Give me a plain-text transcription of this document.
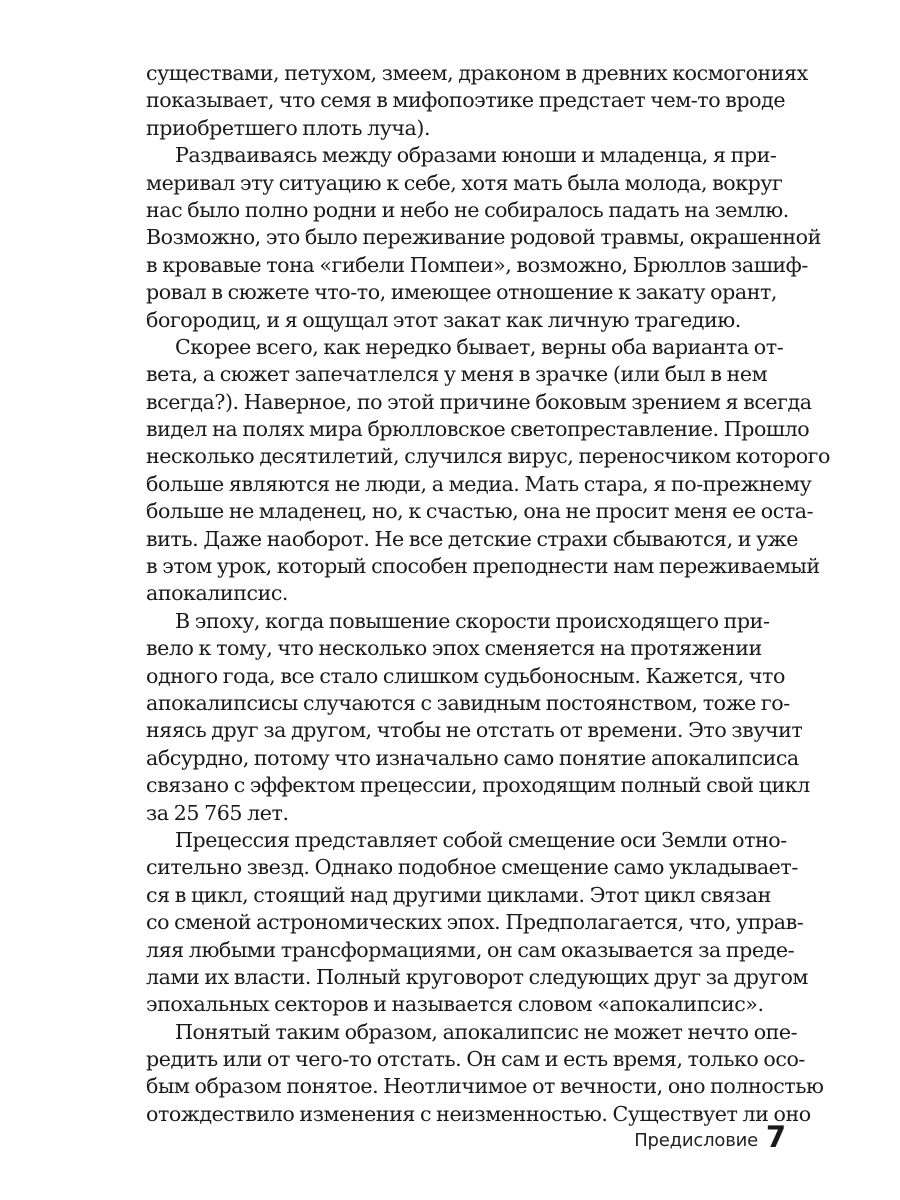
существами, петухом, змеем, драконом в древних космогониях
показывает, что семя в мифопоэтике предстает чем-то вроде
приобретшего плоть луча).
Раздваиваясь между образами юноши и младенца, я при-
меривал эту ситуацию к себе, хотя мать была молода, вокруг
нас было полно родни и небо не собиралось падать на землю.
Возможно, это было переживание родовой травмы, окрашенной
в кровавые тона «гибели Помпеи», возможно, Брюллов зашиф-
ровал в сюжете что-то, имеющее отношение к закату орант,
богородиц, и я ощущал этот закат как личную трагедию.
Скорее всего, как нередко бывает, верны оба варианта от-
вета, а сюжет запечатлелся у меня в зрачке (или был в нем
всегда?). Наверное, по этой причине боковым зрением я всегда
видел на полях мира брюлловское светопреставление. Прошло
несколько десятилетий, случился вирус, переносчиком которого
больше являются не люди, а медиа. Мать стара, я по-прежнему
больше не младенец, но, к счастью, она не просит меня ее оста-
вить. Даже наоборот. Не все детские страхи сбываются, и уже
в этом урок, который способен преподнести нам переживаемый
апокалипсис.
В эпоху, когда повышение скорости происходящего при-
вело к тому, что несколько эпох сменяется на протяжении
одного года, все стало слишком судьбоносным. Кажется, что
апокалипсисы случаются с завидным постоянством, тоже го-
няясь друг за другом, чтобы не отстать от времени. Это звучит
абсурдно, потому что изначально само понятие апокалипсиса
связано с эффектом прецессии, проходящим полный свой цикл
за 25 765 лет.
Прецессия представляет собой смещение оси Земли отно-
сительно звезд. Однако подобное смещение само укладывает-
ся в цикл, стоящий над другими циклами. Этот цикл связан
со сменой астрономических эпох. Предполагается, что, управ-
ляя любыми трансформациями, он сам оказывается за преде-
лами их власти. Полный круговорот следующих друг за другом
эпохальных секторов и называется словом «апокалипсис».
Понятый таким образом, апокалипсис не может нечто опе-
редить или от чего-то отстать. Он сам и есть время, только осо-
бым образом понятое. Неотличимое от вечности, оно полностью
отождествило изменения с неизменностью. Существует ли оно
Предисловие 7
